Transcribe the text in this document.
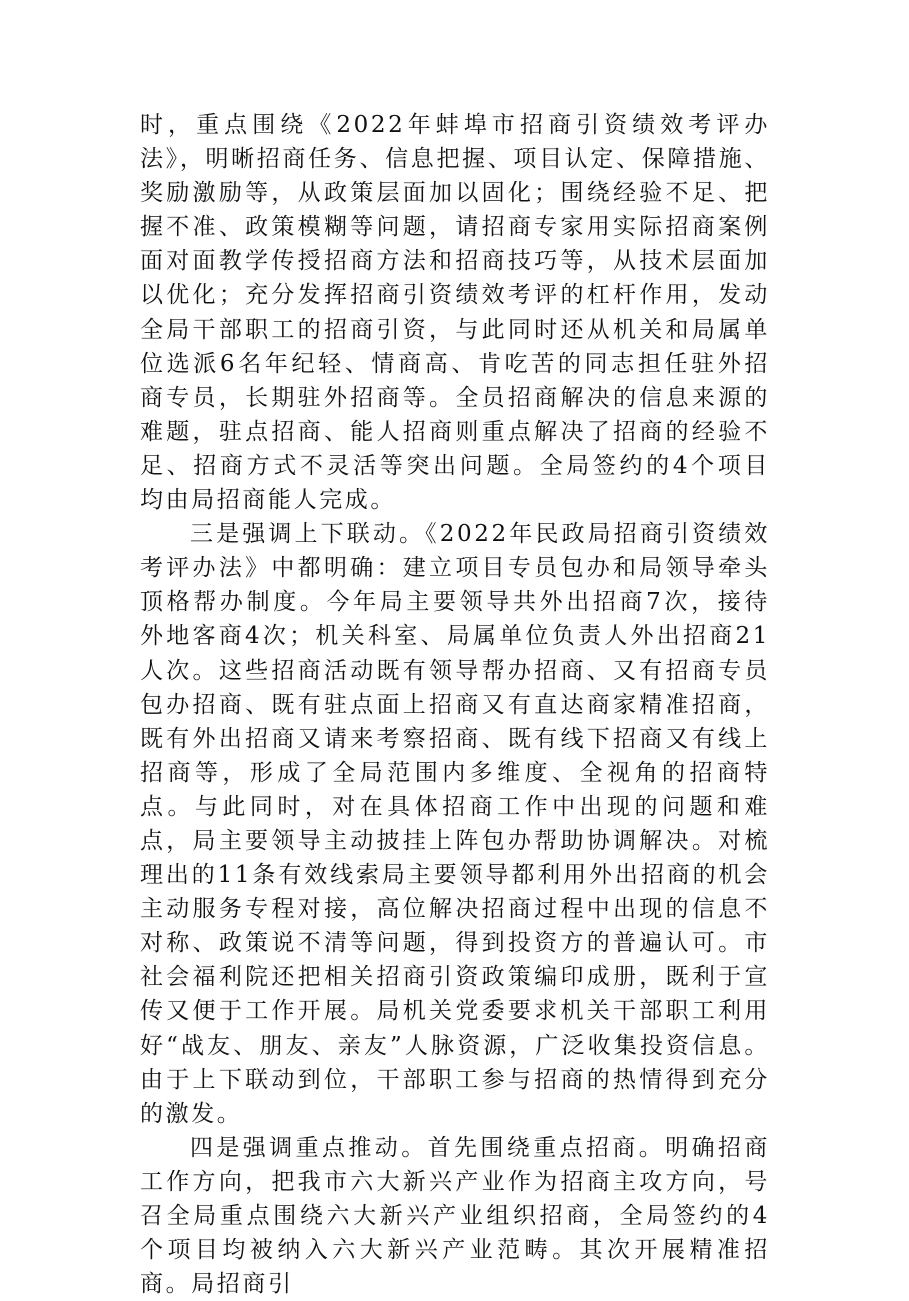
时，重点围绕《2022年蚌埠市招商引资绩效考评办法》，明晰招商任务、信息把握、项目认定、保障措施、奖励激励等，从政策层面加以固化；围绕经验不足、把握不准、政策模糊等问题，请招商专家用实际招商案例面对面教学传授招商方法和招商技巧等，从技术层面加以优化；充分发挥招商引资绩效考评的杠杆作用，发动全局干部职工的招商引资，与此同时还从机关和局属单位选派6名年纪轻、情商高、肯吃苦的同志担任驻外招商专员，长期驻外招商等。全员招商解决的信息来源的难题，驻点招商、能人招商则重点解决了招商的经验不足、招商方式不灵活等突出问题。全局签约的4个项目均由局招商能人完成。

三是强调上下联动。《2022年民政局招商引资绩效考评办法》中都明确：建立项目专员包办和局领导牵头顶格帮办制度。今年局主要领导共外出招商7次，接待外地客商4次；机关科室、局属单位负责人外出招商21人次。这些招商活动既有领导帮办招商、又有招商专员包办招商、既有驻点面上招商又有直达商家精准招商，既有外出招商又请来考察招商、既有线下招商又有线上招商等，形成了全局范围内多维度、全视角的招商特点。与此同时，对在具体招商工作中出现的问题和难点，局主要领导主动披挂上阵包办帮助协调解决。对梳理出的11条有效线索局主要领导都利用外出招商的机会主动服务专程对接，高位解决招商过程中出现的信息不对称、政策说不清等问题，得到投资方的普遍认可。市社会福利院还把相关招商引资政策编印成册，既利于宣传又便于工作开展。局机关党委要求机关干部职工利用好“战友、朋友、亲友”人脉资源，广泛收集投资信息。由于上下联动到位，干部职工参与招商的热情得到充分的激发。

四是强调重点推动。首先围绕重点招商。明确招商工作方向，把我市六大新兴产业作为招商主攻方向，号召全局重点围绕六大新兴产业组织招商，全局签约的4个项目均被纳入六大新兴产业范畴。其次开展精准招商。局招商引
